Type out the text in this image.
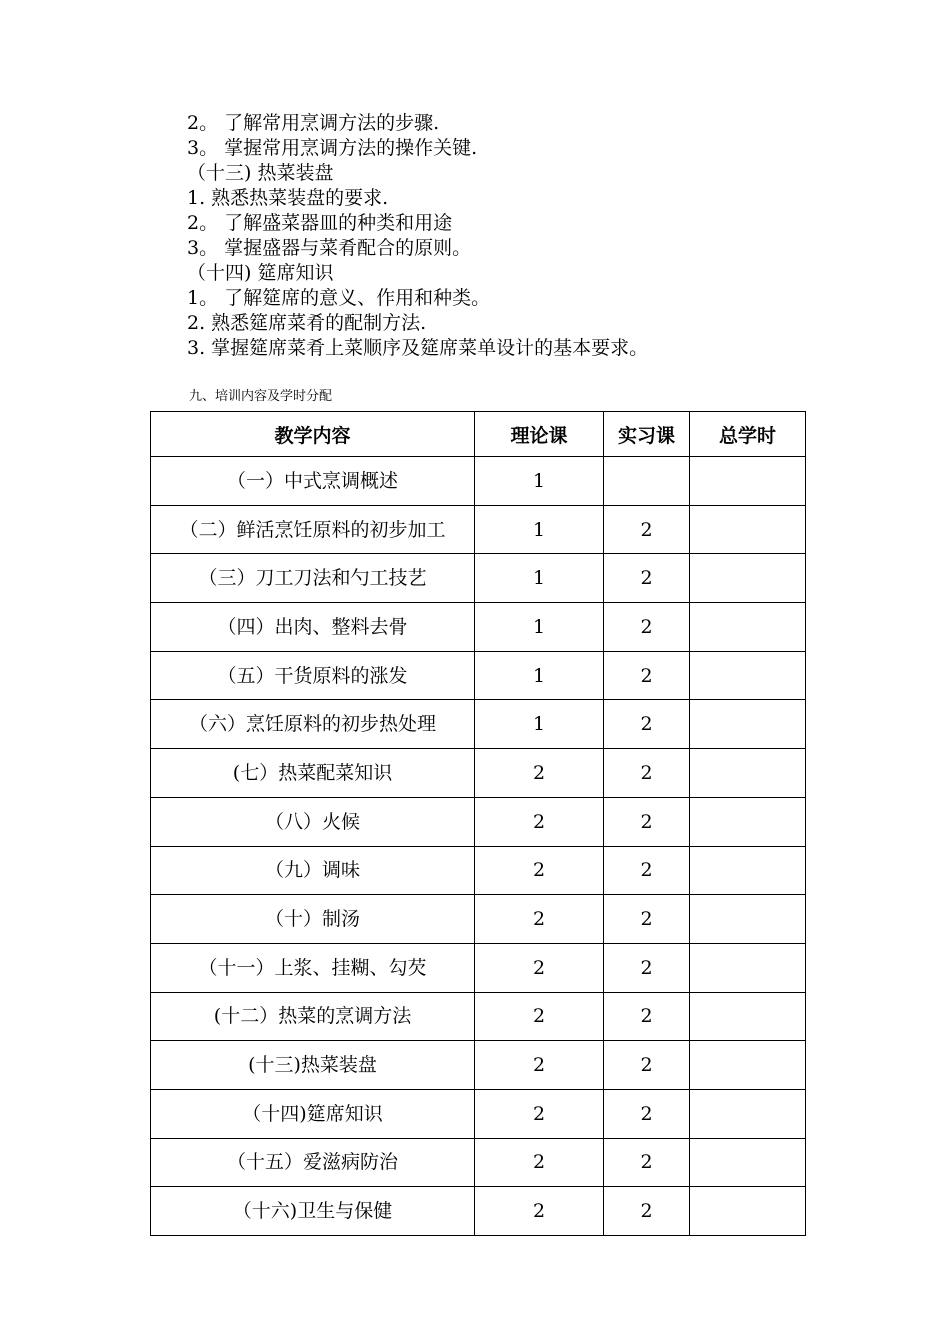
2。 了解常用烹调方法的步骤.
3。 掌握常用烹调方法的操作关键.
（十三) 热菜装盘
1. 熟悉热菜装盘的要求.
2。 了解盛菜器皿的种类和用途
3。 掌握盛器与菜肴配合的原则。
（十四) 筵席知识
1。 了解筵席的意义、作用和种类。
2. 熟悉筵席菜肴的配制方法.
3. 掌握筵席菜肴上菜顺序及筵席菜单设计的基本要求。
九、培训内容及学时分配
教学内容	理论课	实习课	总学时
（一）中式烹调概述	1		
（二）鲜活烹饪原料的初步加工	1	2	
（三）刀工刀法和勺工技艺	1	2	
（四）出肉、整料去骨	1	2	
（五）干货原料的涨发	1	2	
（六）烹饪原料的初步热处理	1	2	
(七）热菜配菜知识	2	2	
（八）火候	2	2	
（九）调味	2	2	
（十）制汤	2	2	
（十一）上浆、挂糊、勾芡	2	2	
(十二）热菜的烹调方法	2	2	
(十三)热菜装盘	2	2	
（十四)筵席知识	2	2	
（十五）爱滋病防治	2	2	
（十六)卫生与保健	2	2	
